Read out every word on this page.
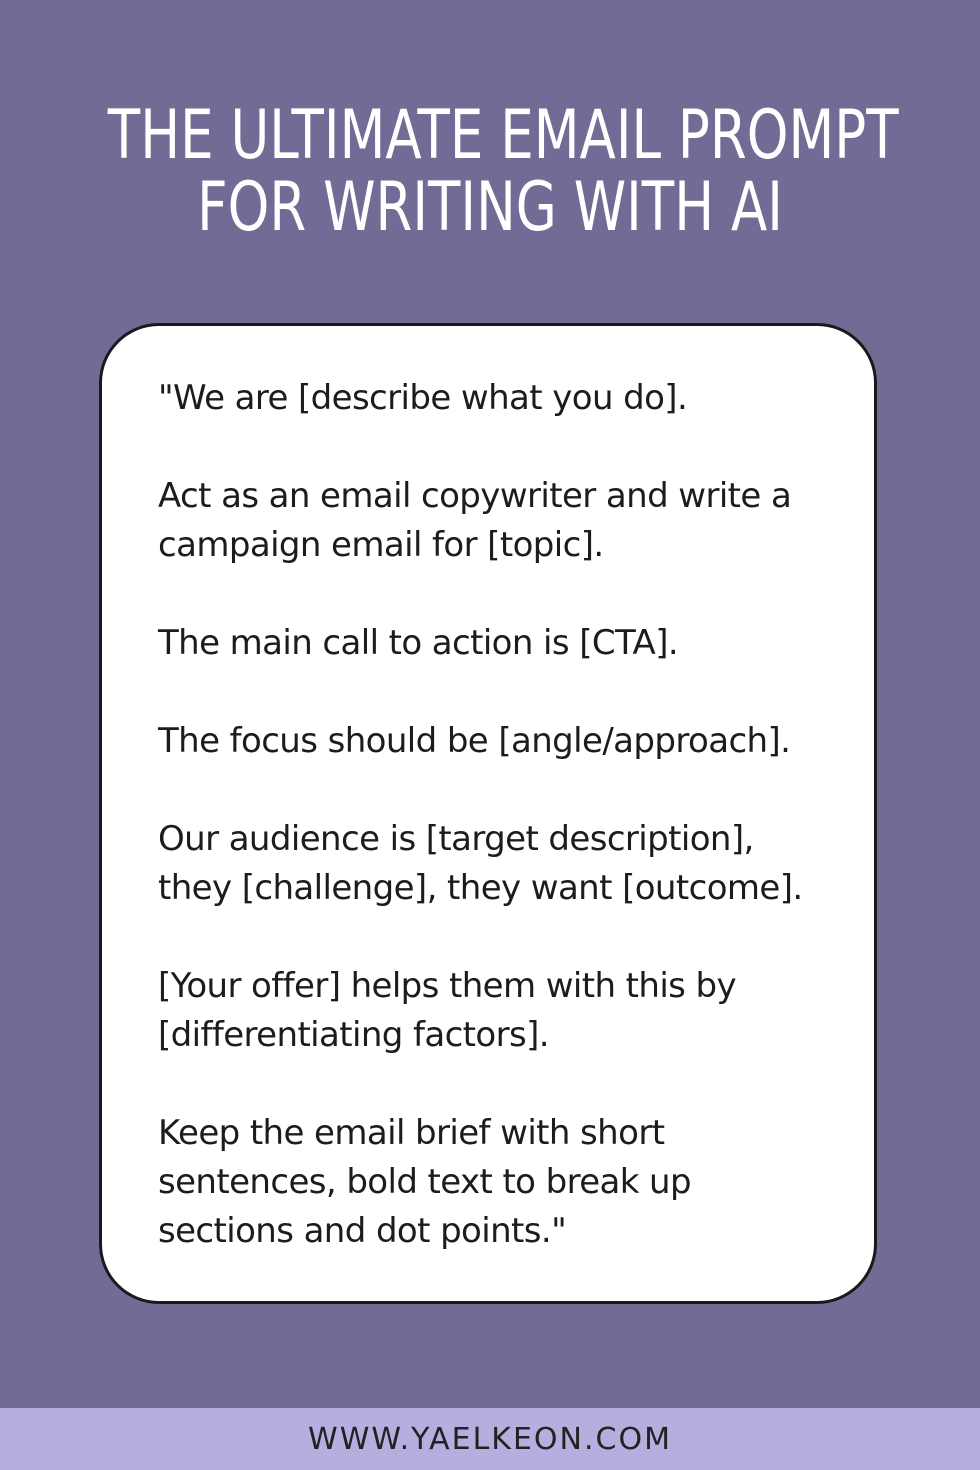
THE ULTIMATE EMAIL PROMPT
FOR WRITING WITH AI

"We are [describe what you do].

Act as an email copywriter and write a
campaign email for [topic].

The main call to action is [CTA].

The focus should be [angle/approach].

Our audience is [target description],
they [challenge], they want [outcome].

[Your offer] helps them with this by
[differentiating factors].

Keep the email brief with short
sentences, bold text to break up
sections and dot points."

WWW.YAELKEON.COM
